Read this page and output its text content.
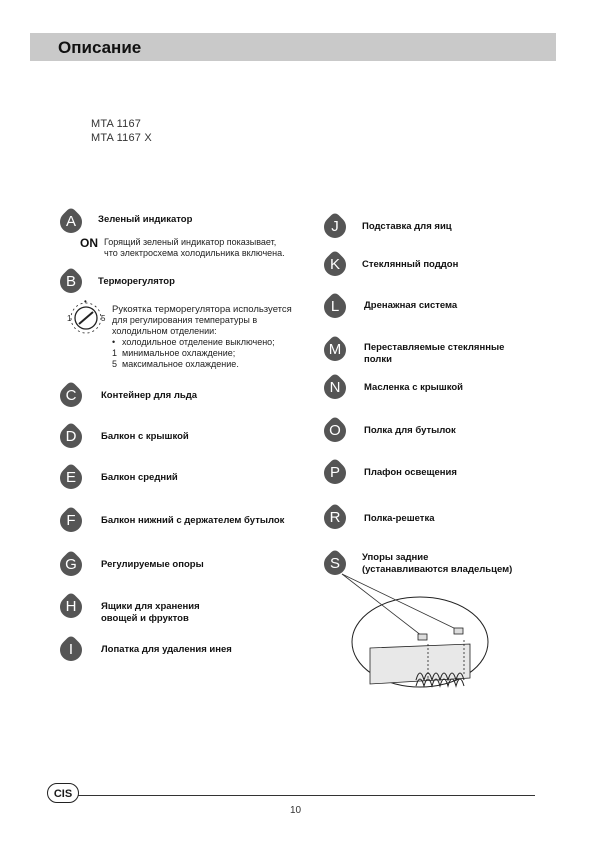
Описание
MTA 1167
MTA 1167 X
A	Зеленый индикатор
ON Горящий зеленый индикатор показывает,
что электросхема холодильника включена.
B	Терморегулятор
•
1	5
Рукоятка терморегулятора используется
для регулирования температуры в
холодильном отделении:
• холодильное отделение выключено;
1 минимальное охлаждение;
5 максимальное охлаждение.
C	Контейнер для льда
D	Балкон с крышкой
E	Балкон средний
F	Балкон нижний с держателем бутылок
G	Регулируемые опоры
H	Ящики для хранения
овощей и фруктов
I	Лопатка для удаления инея
J	Подставка для яиц
K	Стеклянный поддон
L	Дренажная система
M	Переставляемые стеклянные
полки
N	Масленка с крышкой
O	Полка для бутылок
P	Плафон освещения
R	Полка-решетка
S	Упоры задние
(устанавливаются владельцем)
CIS
10
